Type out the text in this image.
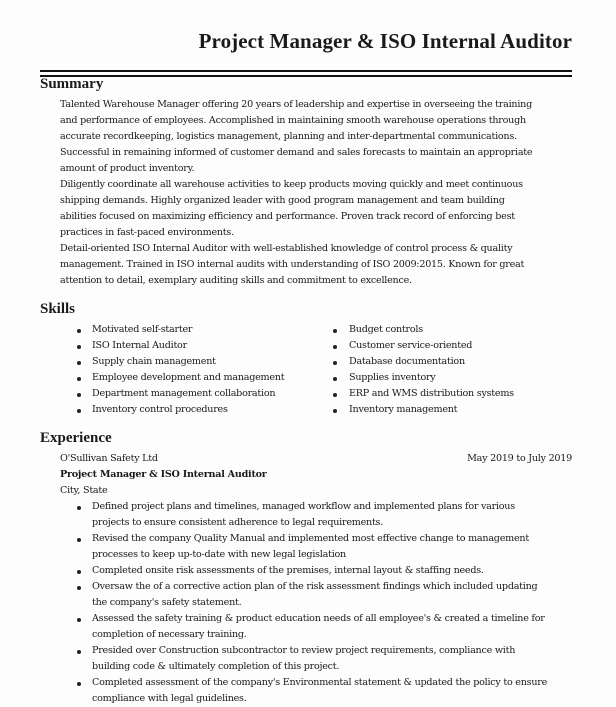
Project Manager & ISO Internal Auditor
Summary
Talented Warehouse Manager offering 20 years of leadership and expertise in overseeing the training
and performance of employees. Accomplished in maintaining smooth warehouse operations through
accurate recordkeeping, logistics management, planning and inter-departmental communications.
Successful in remaining informed of customer demand and sales forecasts to maintain an appropriate
amount of product inventory.
Diligently coordinate all warehouse activities to keep products moving quickly and meet continuous
shipping demands. Highly organized leader with good program management and team building
abilities focused on maximizing efficiency and performance. Proven track record of enforcing best
practices in fast-paced environments.
Detail-oriented ISO Internal Auditor with well-established knowledge of control process & quality
management. Trained in ISO internal audits with understanding of ISO 2009:2015. Known for great
attention to detail, exemplary auditing skills and commitment to excellence.
Skills
Motivated self-starter
ISO Internal Auditor
Supply chain management
Employee development and management
Department management collaboration
Inventory control procedures
Budget controls
Customer service-oriented
Database documentation
Supplies inventory
ERP and WMS distribution systems
Inventory management
Experience
O'Sullivan Safety Ltd	May 2019 to July 2019
Project Manager & ISO Internal Auditor
City, State
Defined project plans and timelines, managed workflow and implemented plans for various
projects to ensure consistent adherence to legal requirements.
Revised the company Quality Manual and implemented most effective change to management
processes to keep up-to-date with new legal legislation
Completed onsite risk assessments of the premises, internal layout & staffing needs.
Oversaw the of a corrective action plan of the risk assessment findings which included updating
the company's safety statement.
Assessed the safety training & product education needs of all employee's & created a timeline for
completion of necessary training.
Presided over Construction subcontractor to review project requirements, compliance with
building code & ultimately completion of this project.
Completed assessment of the company's Environmental statement & updated the policy to ensure
compliance with legal guidelines.
